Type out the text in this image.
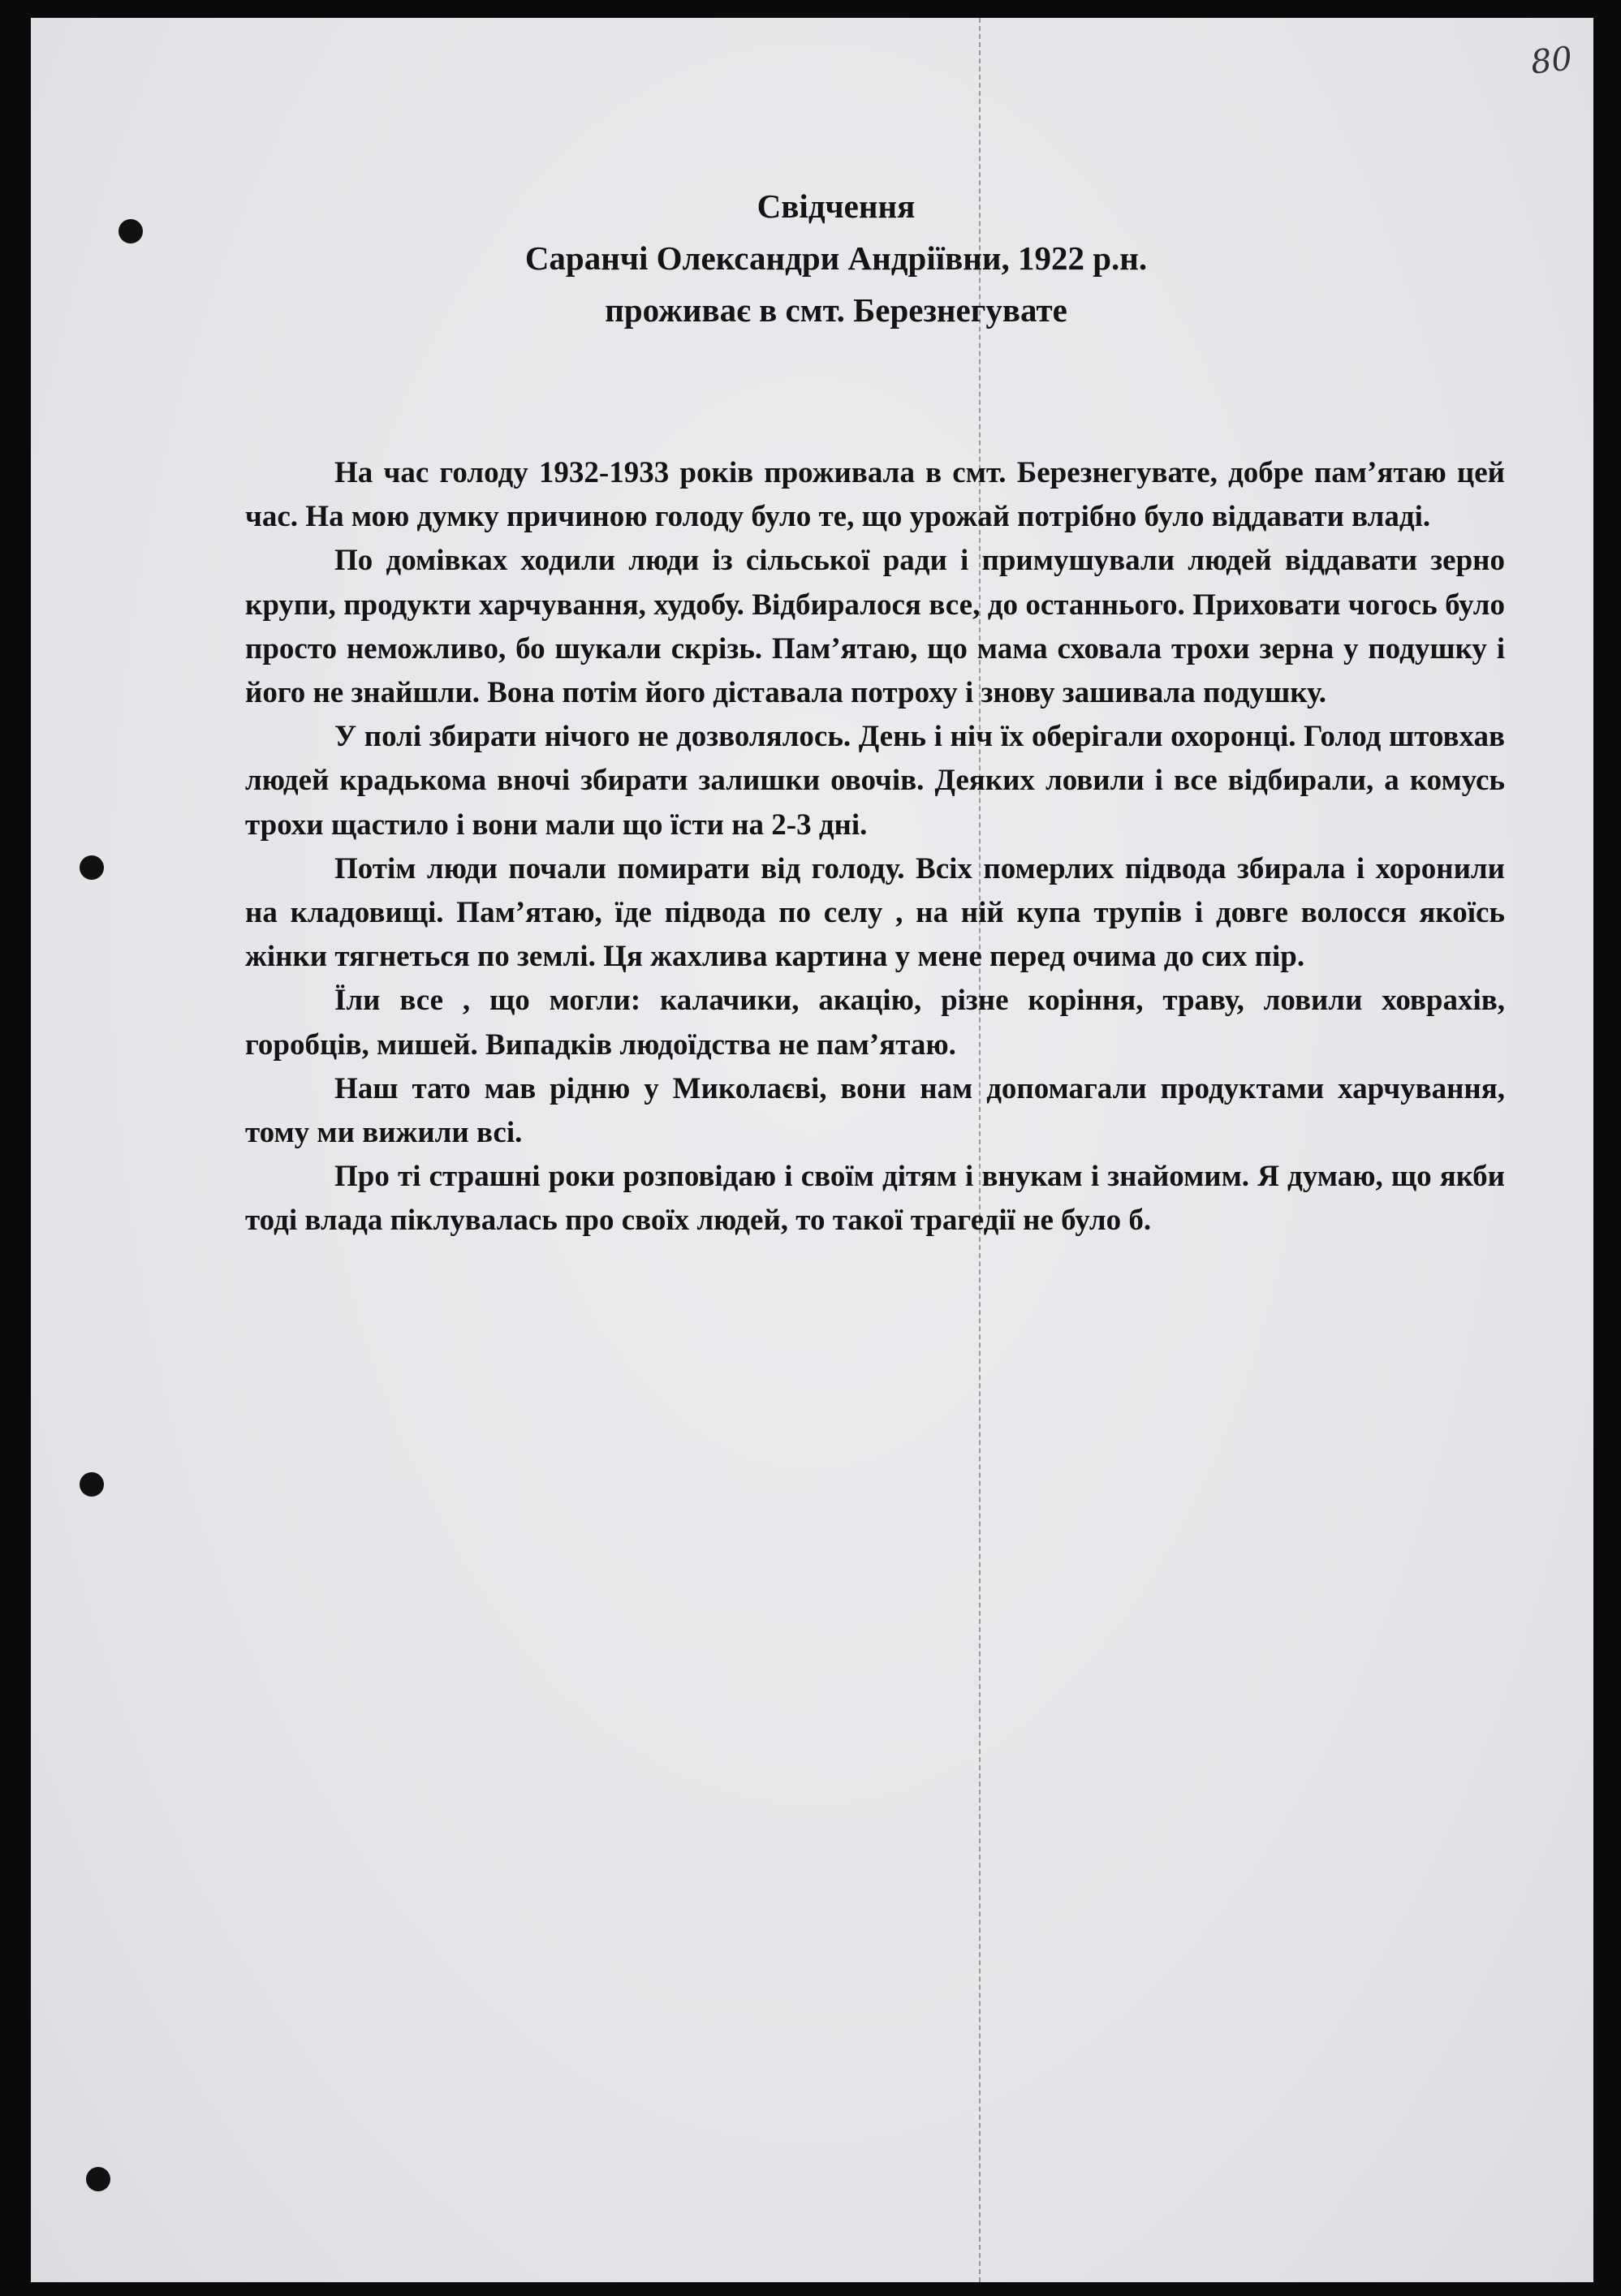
80
Свідчення
Саранчі Олександри Андріївни, 1922 р.н.
проживає в смт. Березнегувате

На час голоду 1932-1933 років проживала в смт. Березнегувате, добре пам’ятаю цей час. На мою думку причиною голоду було те, що урожай потрібно було віддавати владі.

По домівках ходили люди із сільської ради і примушували людей віддавати зерно крупи, продукти харчування, худобу. Відбиралося все, до останнього. Приховати чогось було просто неможливо, бо шукали скрізь. Пам’ятаю, що мама сховала трохи зерна у подушку і його не знайшли. Вона потім його діставала потроху і знову зашивала подушку.

У полі збирати нічого не дозволялось. День і ніч їх оберігали охоронці. Голод штовхав людей крадькома вночі збирати залишки овочів. Деяких ловили і все відбирали, а комусь трохи щастило і вони мали що їсти на 2-3 дні.

Потім люди почали помирати від голоду. Всіх померлих підвода збирала і хоронили на кладовищі. Пам’ятаю, їде підвода по селу , на ній купа трупів і довге волосся якоїсь жінки тягнеться по землі. Ця жахлива картина у мене перед очима до сих пір.

Їли все , що могли: калачики, акацію, різне коріння, траву, ловили ховрахів, горобців, мишей. Випадків людоїдства не пам’ятаю.

Наш тато мав рідню у Миколаєві, вони нам допомагали продуктами харчування, тому ми вижили всі.

Про ті страшні роки розповідаю і своїм дітям і внукам і знайомим. Я думаю, що якби тоді влада піклувалась про своїх людей, то такої трагедії не було б.
